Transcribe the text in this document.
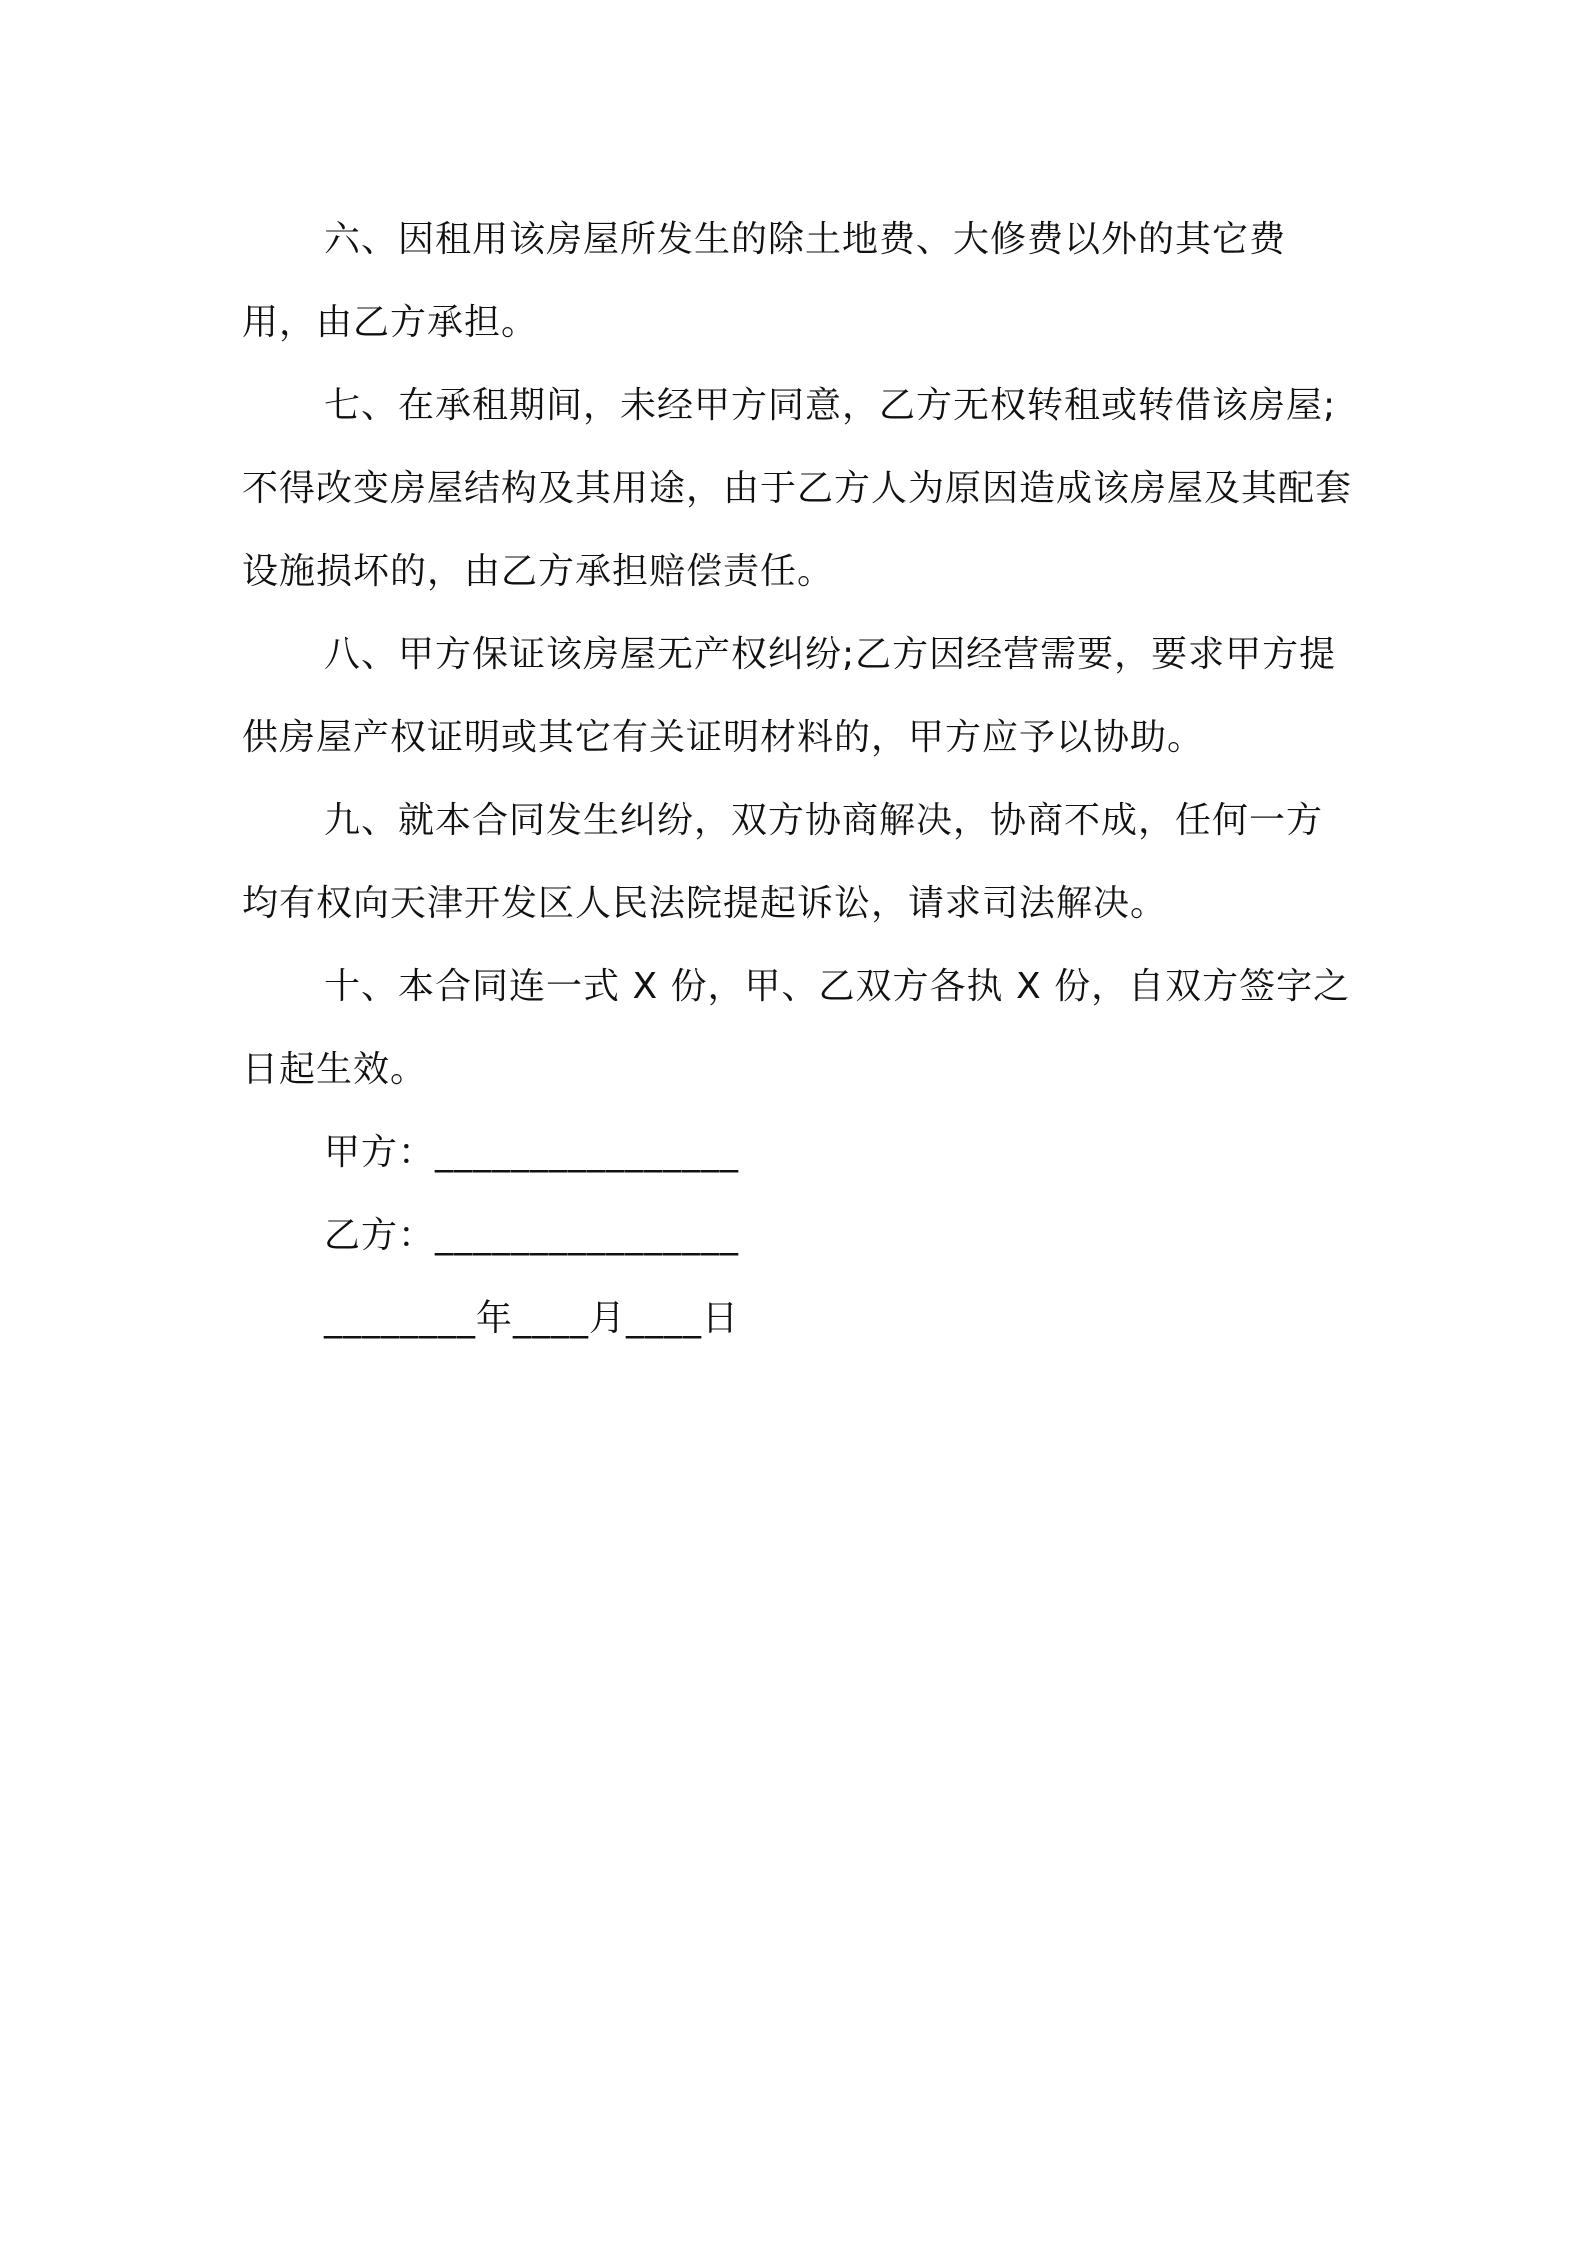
六、因租用该房屋所发生的除土地费、大修费以外的其它费用，由乙方承担。

七、在承租期间，未经甲方同意，乙方无权转租或转借该房屋;不得改变房屋结构及其用途，由于乙方人为原因造成该房屋及其配套设施损坏的，由乙方承担赔偿责任。

八、甲方保证该房屋无产权纠纷;乙方因经营需要，要求甲方提供房屋产权证明或其它有关证明材料的，甲方应予以协助。

九、就本合同发生纠纷，双方协商解决，协商不成，任何一方均有权向天津开发区人民法院提起诉讼，请求司法解决。

十、本合同连一式 X 份，甲、乙双方各执 X 份，自双方签字之日起生效。

甲方：________________

乙方：________________

________年____月____日
